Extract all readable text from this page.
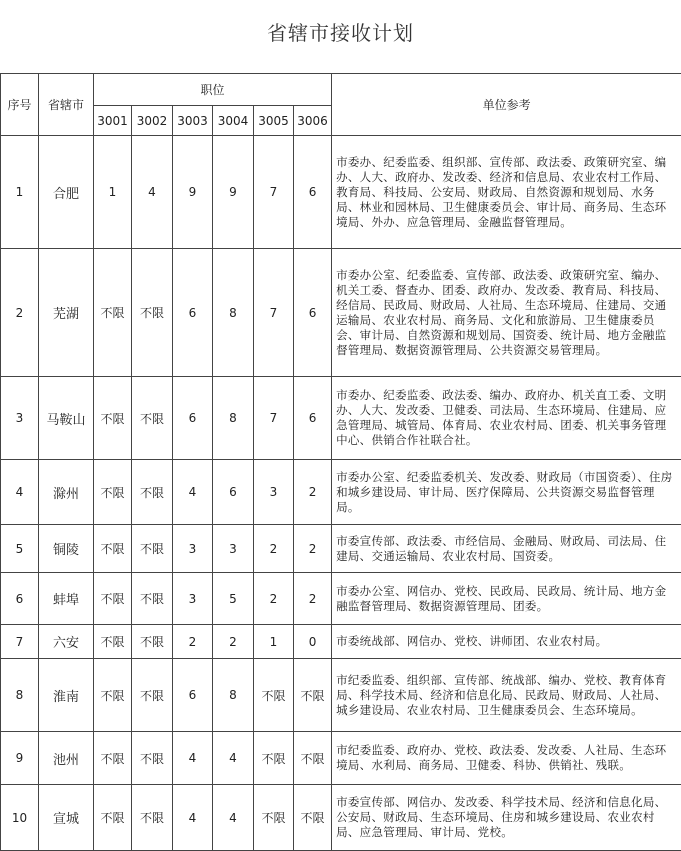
省辖市接收计划
序号	省辖市	职位						单位参考
		3001	3002	3003	3004	3005	3006	
1	合肥	1	4	9	9	7	6	市委办、纪委监委、组织部、宣传部、政法委、政策研究室、编办、人大、政府办、发改委、经济和信息局、农业农村工作局、教育局、科技局、公安局、财政局、自然资源和规划局、水务局、林业和园林局、卫生健康委员会、审计局、商务局、生态环境局、外办、应急管理局、金融监督管理局。
2	芜湖	不限	不限	6	8	7	6	市委办公室、纪委监委、宣传部、政法委、政策研究室、编办、机关工委、督查办、团委、政府办、发改委、教育局、科技局、经信局、民政局、财政局、人社局、生态环境局、住建局、交通运输局、农业农村局、商务局、文化和旅游局、卫生健康委员会、审计局、自然资源和规划局、国资委、统计局、地方金融监督管理局、数据资源管理局、公共资源交易管理局。
3	马鞍山	不限	不限	6	8	7	6	市委办、纪委监委、政法委、编办、政府办、机关直工委、文明办、人大、发改委、卫健委、司法局、生态环境局、住建局、应急管理局、城管局、体育局、农业农村局、团委、机关事务管理中心、供销合作社联合社。
4	滁州	不限	不限	4	6	3	2	市委办公室、纪委监委机关、发改委、财政局（市国资委）、住房和城乡建设局、审计局、医疗保障局、公共资源交易监督管理局。
5	铜陵	不限	不限	3	3	2	2	市委宣传部、政法委、市经信局、金融局、财政局、司法局、住建局、交通运输局、农业农村局、国资委。
6	蚌埠	不限	不限	3	5	2	2	市委办公室、网信办、党校、民政局、民政局、统计局、地方金融监督管理局、数据资源管理局、团委。
7	六安	不限	不限	2	2	1	0	市委统战部、网信办、党校、讲师团、农业农村局。
8	淮南	不限	不限	6	8	不限	不限	市纪委监委、组织部、宣传部、统战部、编办、党校、教育体育局、科学技术局、经济和信息化局、民政局、财政局、人社局、城乡建设局、农业农村局、卫生健康委员会、生态环境局。
9	池州	不限	不限	4	4	不限	不限	市纪委监委、政府办、党校、政法委、发改委、人社局、生态环境局、水利局、商务局、卫健委、科协、供销社、残联。
10	宣城	不限	不限	4	4	不限	不限	市委宣传部、网信办、发改委、科学技术局、经济和信息化局、公安局、财政局、生态环境局、住房和城乡建设局、农业农村局、应急管理局、审计局、党校。
